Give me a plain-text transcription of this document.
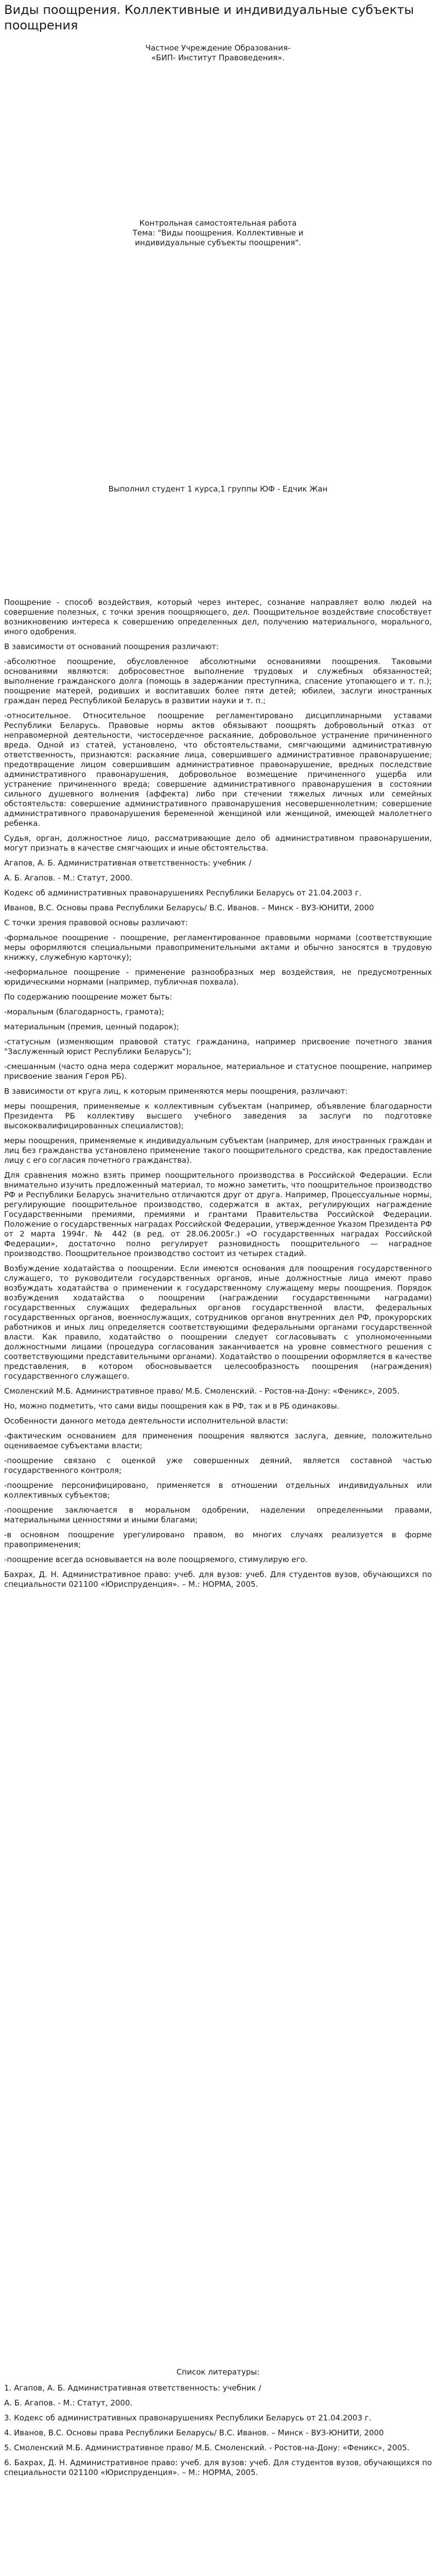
Виды поощрения. Коллективные и индивидуальные субъекты поощрения

Частное Учреждение Образования-

«БИП- Институт Правоведения».

Контрольная самостоятельная работа

Тема: "Виды поощрения. Коллективные и

индивидуальные субъекты поощрения".

Выполнил студент 1 курса,1 группы ЮФ - Едчик Жан

Поощрение - способ воздействия, который через интерес, сознание направляет волю людей на совершение полезных, с точки зрения поощряющего, дел. Поощрительное воздействие способствует возникновению интереса к совершению определенных дел, получению материального, морального, иного одобрения.

В зависимости от оснований поощрения различают:

-абсолютное поощрение, обусловленное абсолютными основаниями поощрения. Таковыми основаниями являются: добросовестное выполнение трудовых и служебных обязанностей; выполнение гражданского долга (помощь в задержании преступника, спасение утопающего и т. п.); поощрение матерей, родивших и воспитавших более пяти детей; юбилеи, заслуги иностранных граждан перед Республикой Беларусь в развитии науки и т. п.;

-относительное. Относительное поощрение регламентировано дисциплинарными уставами Республики Беларусь. Правовые нормы актов обязывают поощрять добровольный отказ от неправомерной деятельности, чистосердечное раскаяние, добровольное устранение причиненного вреда. Одной из статей, установлено, что обстоятельствами, смягчающими административную ответственность, признаются: раскаяние лица, совершившего административное правонарушение; предотвращение лицом совершившим административное правонарушение, вредных последствие административного правонарушения, добровольное возмещение причиненного ущерба или устранение причиненного вреда; совершение административного правонарушения в состоянии сильного душевного волнения (аффекта) либо при стечении тяжелых личных или семейных обстоятельств: совершение административного правонарушения несовершеннолетним; совершение административного правонарушения беременной женщиной или женщиной, имеющей малолетнего ребенка.

Судья, орган, должностное лицо, рассматривающие дело об административном правонарушении, могут признать в качестве смягчающих и иные обстоятельства.

Агапов, А. Б. Административная ответственность: учебник /

А. Б. Агапов. - М.: Статут, 2000.

Кодекс об административных правонарушениях Республики Беларусь от 21.04.2003 г.

Иванов, В.С. Основы права Республики Беларусь/ В.С. Иванов. – Минск - ВУЗ-ЮНИТИ, 2000

С точки зрения правовой основы различают:

-формальное поощрение - поощрение, регламентированное правовыми нормами (соответствующие меры оформляются специальными правоприменительными актами и обычно заносятся в трудовую книжку, служебную карточку);

-неформальное поощрение - применение разнообразных мер воздействия, не предусмотренных юридическими нормами (например, публичная похвала).

По содержанию поощрение может быть:

-моральным (благодарность, грамота);

материальным (премия, ценный подарок);

-статусным (изменяющим правовой статус гражданина, например присвоение почетного звания "Заслуженный юрист Республики Беларусь");

-смешанным (часто одна мера содержит моральное, материальное и статусное поощрение, например присвоение звания Героя РБ).

В зависимости от круга лиц, к которым применяются меры поощрения, различают:

меры поощрения, применяемые к коллективным субъектам (например, объявление благодарности Президента РБ коллективу высшего учебного заведения за заслуги по подготовке высококвалифицированных специалистов);

меры поощрения, применяемые к индивидуальным субъектам (например, для иностранных граждан и лиц без гражданства установлено применение такого поощрительного средства, как предоставление лицу с его согласия почетного гражданства).

Для сравнения можно взять пример поощрительного производства в Российской Федерации. Если внимательно изучить предложенный материал, то можно заметить, что поощрительное производство РФ и Республики Беларусь значительно отличаются друг от друга. Например, Процессуальные нормы, регулирующие поощрительное производство, содержатся в актах, регулирующих награждение Государственными премиями, премиями и грантами Правительства Российской Федерации. Положение о государственных наградах Российской Федерации, утвержденное Указом Президента РФ от 2 марта 1994г. № 442 (в ред. от 28.06.2005г.) «О государственных наградах Российской Федерации», достаточно полно регулирует разновидность поощрительного — наградное производство. Поощрительное производство состоит из четырех стадий.

Возбуждение ходатайства о поощрении. Если имеются основания для поощрения государственного служащего, то руководители государственных органов, иные должностные лица имеют право возбуждать ходатайства о применении к государственному служащему меры поощрения. Порядок возбуждения ходатайства о поощрении (награждении государственными наградами) государственных служащих федеральных органов государственной власти, федеральных государственных органов, военнослужащих, сотрудников органов внутренних дел РФ, прокурорских работников и иных лиц определяется соответствующими федеральными органами государственной власти. Как правило, ходатайство о поощрении следует согласовывать с уполномоченными должностными лицами (процедура согласования заканчивается на уровне совместного решения с соответствующими представительными органами). Ходатайство о поощрении оформляется в качестве представления, в котором обосновывается целесообразность поощрения (награждения) государственного служащего.

Смоленский М.Б. Административное право/ М.Б. Смоленский. - Ростов-на-Дону: «Феникс», 2005.

Но, можно подметить, что сами виды поощрения как в РФ, так и в РБ одинаковы.

Особенности данного метода деятельности исполнительной власти:

-фактическим основанием для применения поощрения являются заслуга, деяние, положительно оцениваемое субъектами власти;

-поощрение связано с оценкой уже совершенных деяний, является составной частью государственного контроля;

-поощрение персонифицировано, применяется в отношении отдельных индивидуальных или коллективных субъектов;

-поощрение заключается в моральном одобрении, наделении определенными правами, материальными ценностями и иными благами;

-в основном поощрение урегулировано правом, во многих случаях реализуется в форме правоприменения;

-поощрение всегда основывается на воле поощряемого, стимулирую его.

Бахрах, Д. Н. Административное право: учеб. для вузов: учеб. Для студентов вузов, обучающихся по специальности 021100 «Юриспруденция». – М.: НОРМА, 2005.

Список литературы:

1. Агапов, А. Б. Административная ответственность: учебник /

А. Б. Агапов. - М.: Статут, 2000.

3. Кодекс об административных правонарушениях Республики Беларусь от 21.04.2003 г.

4. Иванов, В.С. Основы права Республики Беларусь/ В.С. Иванов. – Минск - ВУЗ-ЮНИТИ, 2000

5. Смоленский М.Б. Административное право/ М.Б. Смоленский. - Ростов-на-Дону: «Феникс», 2005.

6. Бахрах, Д. Н. Административное право: учеб. для вузов: учеб. Для студентов вузов, обучающихся по специальности 021100 «Юриспруденция». – М.: НОРМА, 2005.
